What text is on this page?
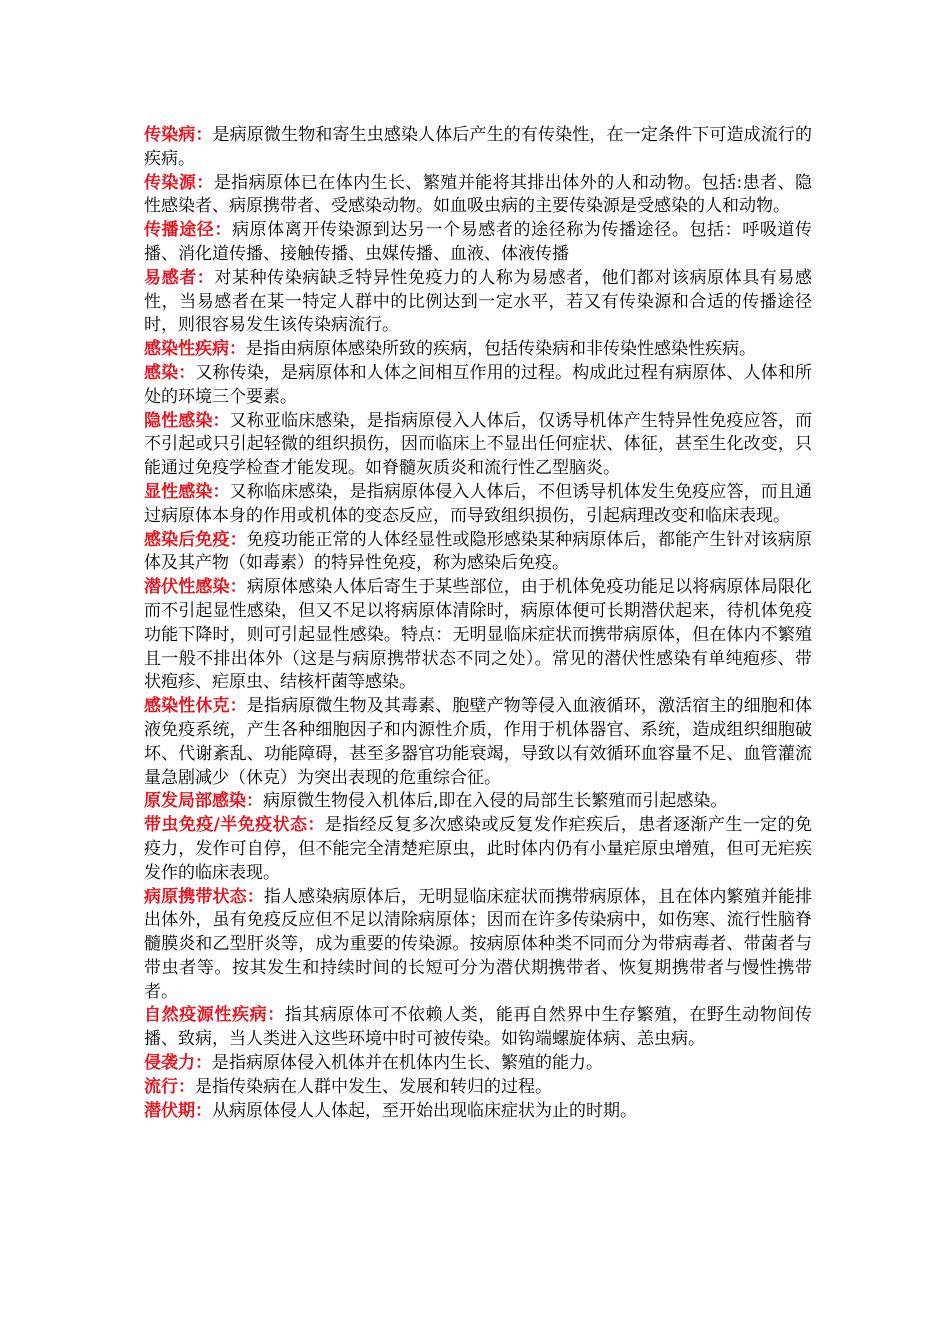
传染病：是病原微生物和寄生虫感染人体后产生的有传染性，在一定条件下可造成流行的疾病。

传染源：是指病原体已在体内生长、繁殖并能将其排出体外的人和动物。包括:患者、隐性感染者、病原携带者、受感染动物。如血吸虫病的主要传染源是受感染的人和动物。

传播途径：病原体离开传染源到达另一个易感者的途径称为传播途径。包括：呼吸道传播、消化道传播、接触传播、虫媒传播、血液、体液传播

易感者：对某种传染病缺乏特异性免疫力的人称为易感者，他们都对该病原体具有易感性，当易感者在某一特定人群中的比例达到一定水平，若又有传染源和合适的传播途径时，则很容易发生该传染病流行。

感染性疾病：是指由病原体感染所致的疾病，包括传染病和非传染性感染性疾病。

感染：又称传染，是病原体和人体之间相互作用的过程。构成此过程有病原体、人体和所处的环境三个要素。

隐性感染：又称亚临床感染，是指病原侵入人体后，仅诱导机体产生特异性免疫应答，而不引起或只引起轻微的组织损伤，因而临床上不显出任何症状、体征，甚至生化改变，只能通过免疫学检查才能发现。如脊髓灰质炎和流行性乙型脑炎。

显性感染：又称临床感染，是指病原体侵入人体后，不但诱导机体发生免疫应答，而且通过病原体本身的作用或机体的变态反应，而导致组织损伤，引起病理改变和临床表现。

感染后免疫：免疫功能正常的人体经显性或隐形感染某种病原体后，都能产生针对该病原体及其产物（如毒素）的特异性免疫，称为感染后免疫。

潜伏性感染：病原体感染人体后寄生于某些部位，由于机体免疫功能足以将病原体局限化而不引起显性感染，但又不足以将病原体清除时，病原体便可长期潜伏起来，待机体免疫功能下降时，则可引起显性感染。特点：无明显临床症状而携带病原体，但在体内不繁殖且一般不排出体外（这是与病原携带状态不同之处）。常见的潜伏性感染有单纯疱疹、带状疱疹、疟原虫、结核杆菌等感染。

感染性休克：是指病原微生物及其毒素、胞壁产物等侵入血液循环，激活宿主的细胞和体液免疫系统，产生各种细胞因子和内源性介质，作用于机体器官、系统，造成组织细胞破坏、代谢紊乱、功能障碍，甚至多器官功能衰竭，导致以有效循环血容量不足、血管灌流量急剧减少（休克）为突出表现的危重综合征。

原发局部感染：病原微生物侵入机体后,即在入侵的局部生长繁殖而引起感染。

带虫免疫/半免疫状态：是指经反复多次感染或反复发作疟疾后，患者逐渐产生一定的免疫力，发作可自停，但不能完全清楚疟原虫，此时体内仍有小量疟原虫增殖，但可无疟疾发作的临床表现。

病原携带状态：指人感染病原体后，无明显临床症状而携带病原体，且在体内繁殖并能排出体外，虽有免疫反应但不足以清除病原体；因而在许多传染病中，如伤寒、流行性脑脊髓膜炎和乙型肝炎等，成为重要的传染源。按病原体种类不同而分为带病毒者、带菌者与带虫者等。按其发生和持续时间的长短可分为潜伏期携带者、恢复期携带者与慢性携带者。

自然疫源性疾病：指其病原体可不依赖人类，能再自然界中生存繁殖，在野生动物间传播、致病，当人类进入这些环境中时可被传染。如钩端螺旋体病、恙虫病。

侵袭力：是指病原体侵入机体并在机体内生长、繁殖的能力。

流行：是指传染病在人群中发生、发展和转归的过程。

潜伏期：从病原体侵人人体起，至开始出现临床症状为止的时期。
